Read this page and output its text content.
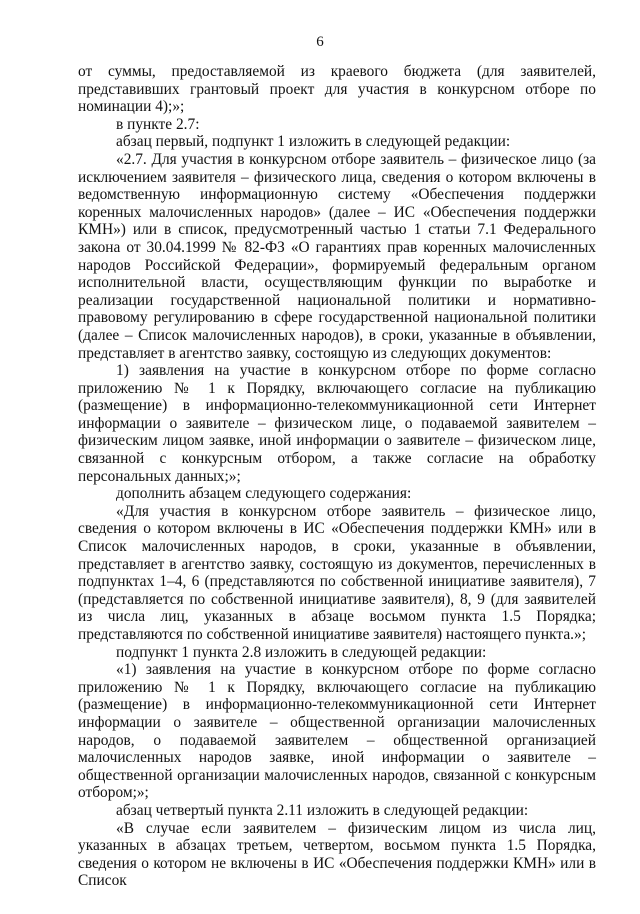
6

от суммы, предоставляемой из краевого бюджета (для заявителей, представивших грантовый проект для участия в конкурсном отборе по номинации 4);»;

в пункте 2.7:

абзац первый, подпункт 1 изложить в следующей редакции:

«2.7. Для участия в конкурсном отборе заявитель – физическое лицо (за исключением заявителя – физического лица, сведения о котором включены в ведомственную информационную систему «Обеспечения поддержки коренных малочисленных народов» (далее – ИС «Обеспечения поддержки КМН») или в список, предусмотренный частью 1 статьи 7.1 Федерального закона от 30.04.1999 № 82-ФЗ «О гарантиях прав коренных малочисленных народов Российской Федерации», формируемый федеральным органом исполнительной власти, осуществляющим функции по выработке и реализации государственной национальной политики и нормативно-правовому регулированию в сфере государственной национальной политики (далее – Список малочисленных народов), в сроки, указанные в объявлении, представляет в агентство заявку, состоящую из следующих документов:

1) заявления на участие в конкурсном отборе по форме согласно приложению № 1 к Порядку, включающего согласие на публикацию (размещение) в информационно-телекоммуникационной сети Интернет информации о заявителе – физическом лице, о подаваемой заявителем – физическим лицом заявке, иной информации о заявителе – физическом лице, связанной с конкурсным отбором, а также согласие на обработку персональных данных;»;

дополнить абзацем следующего содержания:

«Для участия в конкурсном отборе заявитель – физическое лицо, сведения о котором включены в ИС «Обеспечения поддержки КМН» или в Список малочисленных народов, в сроки, указанные в объявлении, представляет в агентство заявку, состоящую из документов, перечисленных в подпунктах 1–4, 6 (представляются по собственной инициативе заявителя), 7 (представляется по собственной инициативе заявителя), 8, 9 (для заявителей из числа лиц, указанных в абзаце восьмом пункта 1.5 Порядка; представляются по собственной инициативе заявителя) настоящего пункта.»;

подпункт 1 пункта 2.8 изложить в следующей редакции:

«1) заявления на участие в конкурсном отборе по форме согласно приложению № 1 к Порядку, включающего согласие на публикацию (размещение) в информационно-телекоммуникационной сети Интернет информации о заявителе – общественной организации малочисленных народов, о подаваемой заявителем – общественной организацией малочисленных народов заявке, иной информации о заявителе – общественной организации малочисленных народов, связанной с конкурсным отбором;»;

абзац четвертый пункта 2.11 изложить в следующей редакции:

«В случае если заявителем – физическим лицом из числа лиц, указанных в абзацах третьем, четвертом, восьмом пункта 1.5 Порядка, сведения о котором не включены в ИС «Обеспечения поддержки КМН» или в Список
